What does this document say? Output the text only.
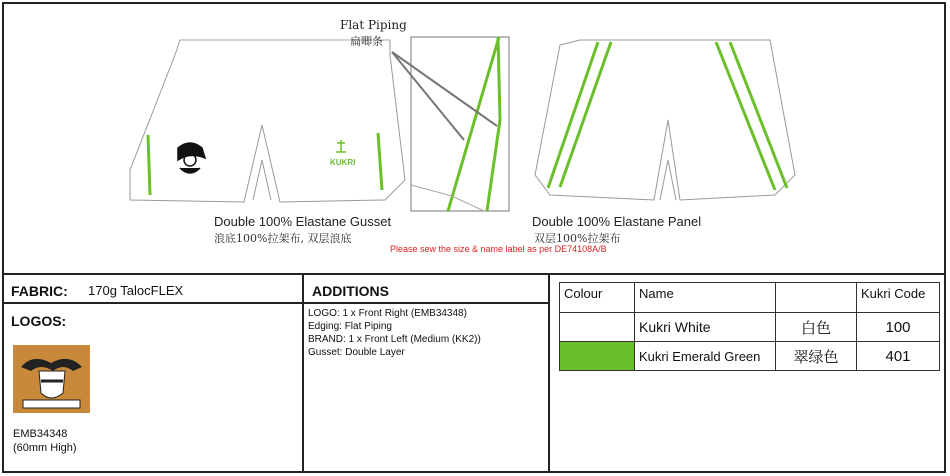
KUKRI
Flat Piping
扁唧条
Double 100% Elastane Gusset
浪底100%拉架布, 双层浪底
Double 100% Elastane Panel
双层100%拉架布
Please sew the size & name label as per DE74108A/B
FABRIC: 170g TalocFLEX
LOGOS:
ADDITIONS
EMB34348
(60mm High)
LOGO: 1 x Front Right (EMB34348)
Edging: Flat Piping
BRAND: 1 x Front Left (Medium (KK2))
Gusset: Double Layer
Colour	Name		Kukri Code
	Kukri White	白色	100
	Kukri Emerald Green	翠绿色	401
